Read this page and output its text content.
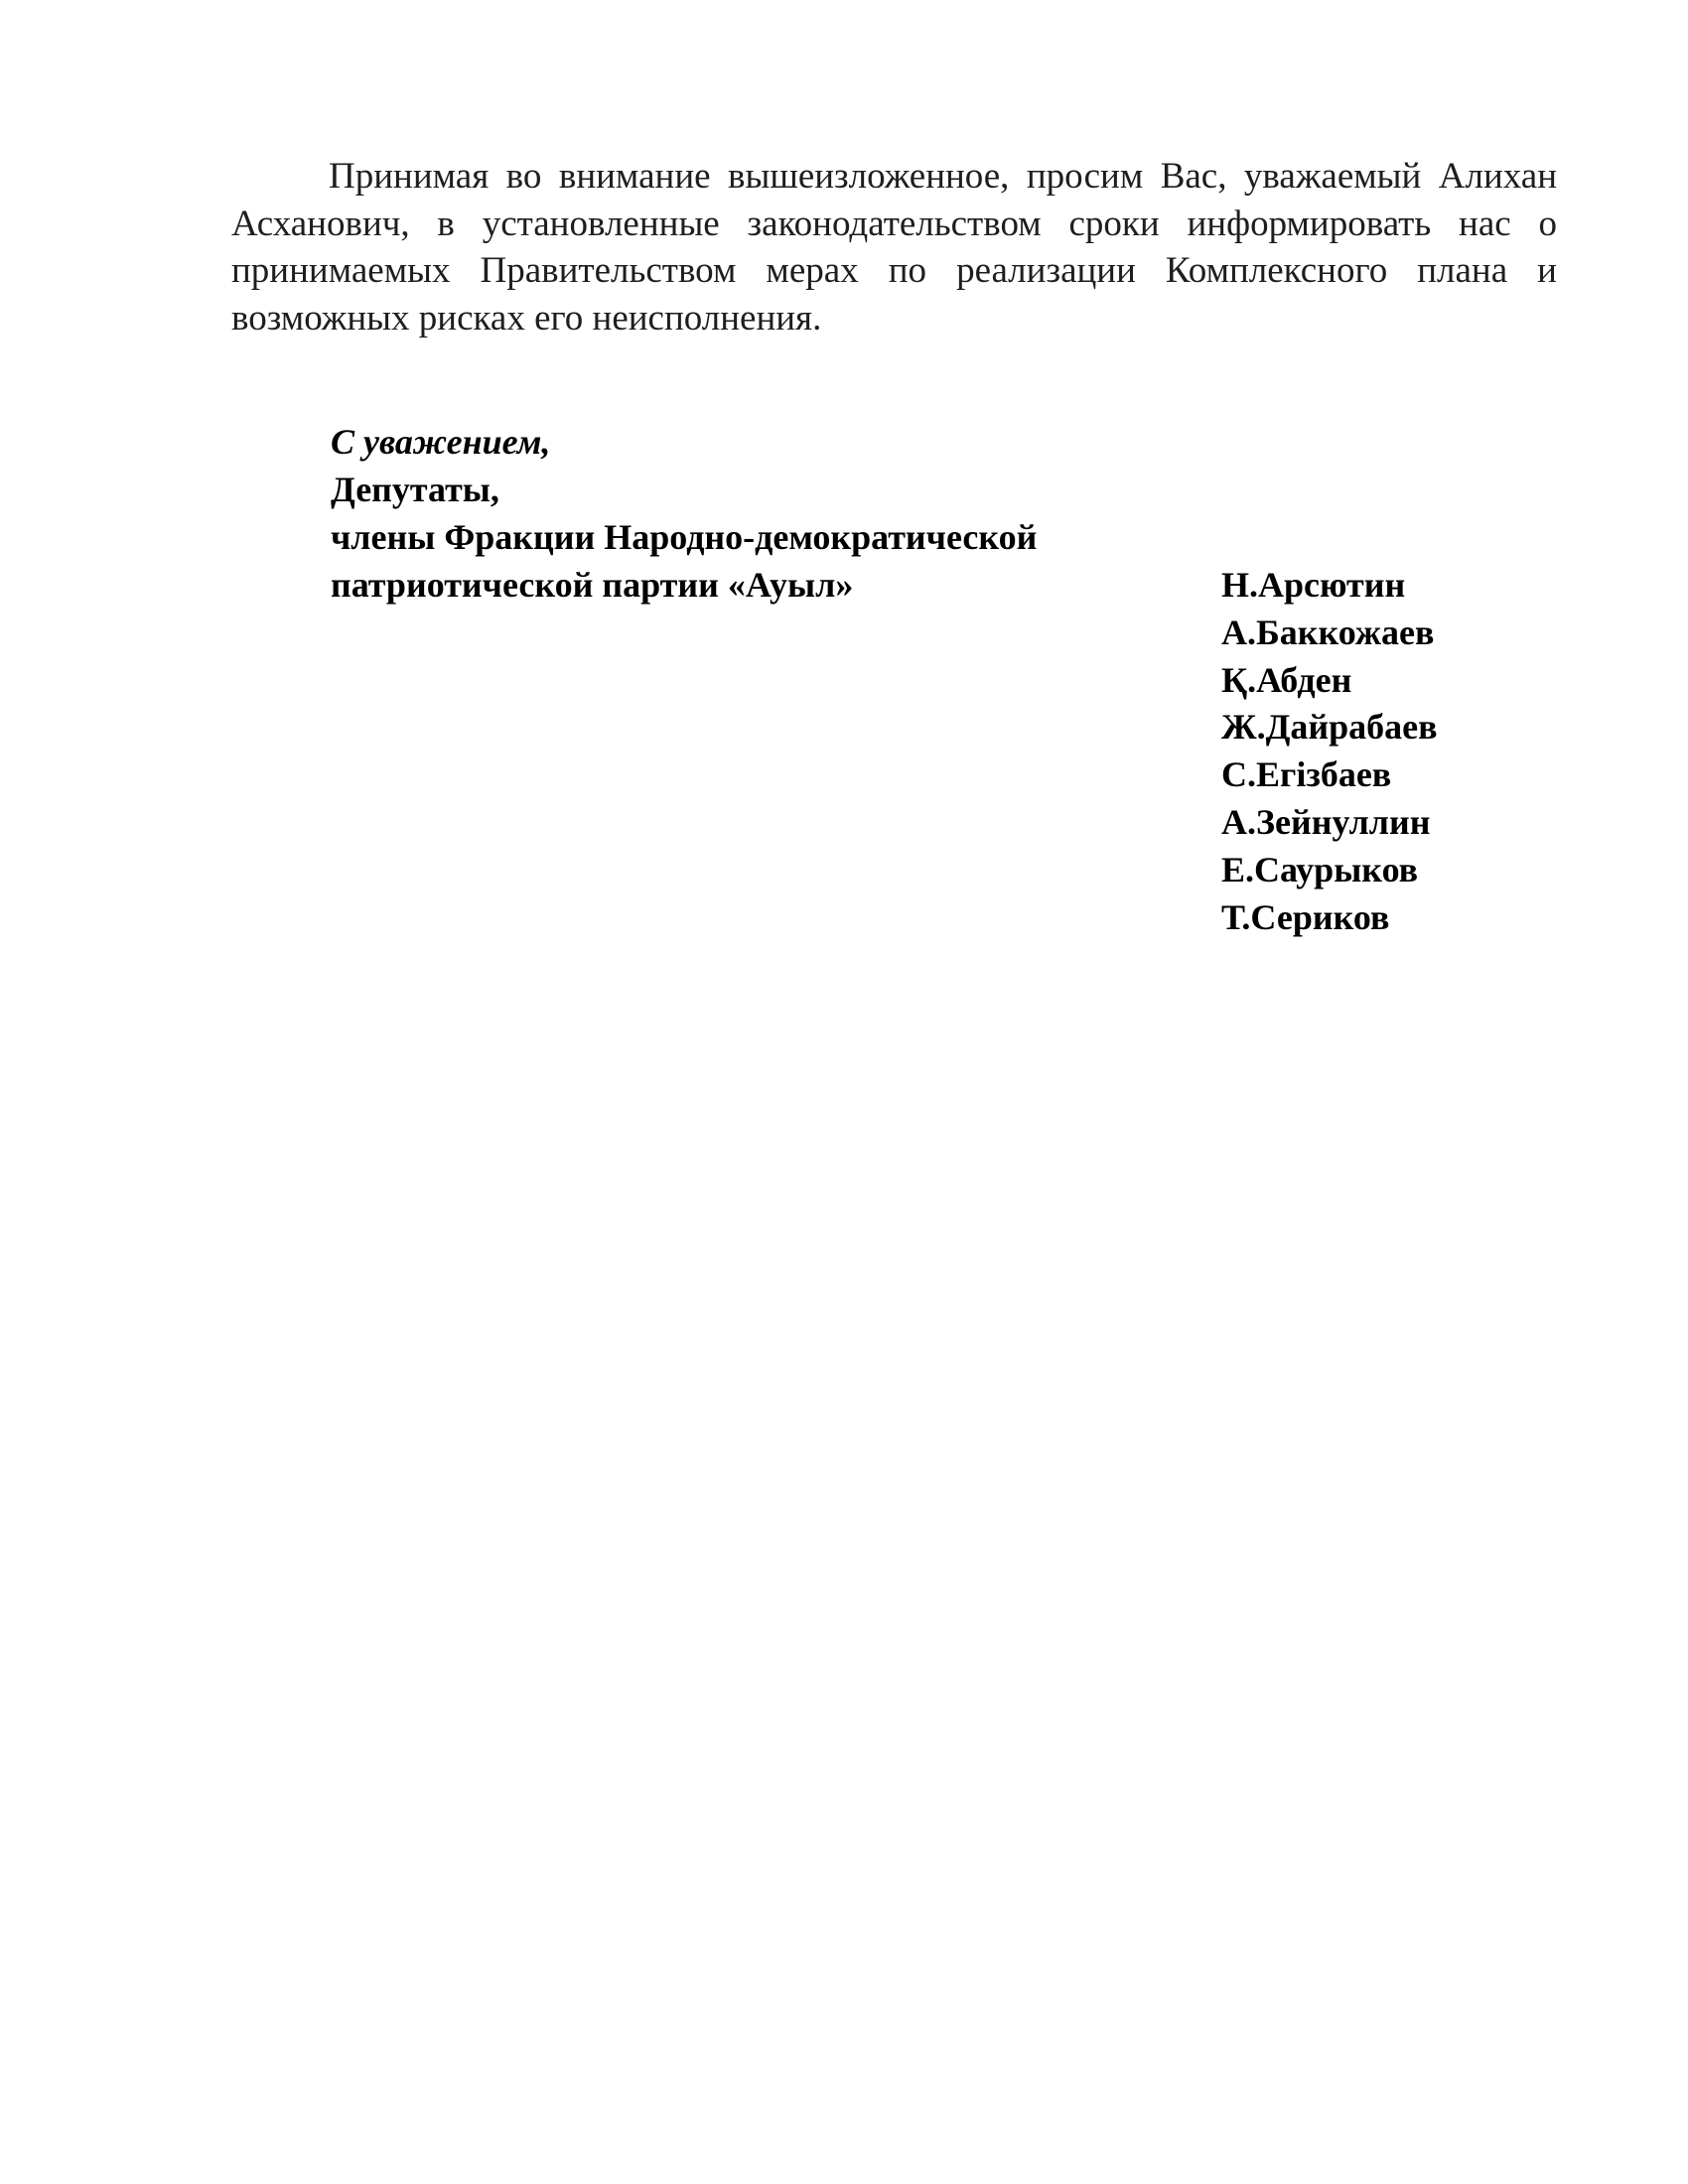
Принимая во внимание вышеизложенное, просим Вас, уважаемый Алихан Асханович, в установленные законодательством сроки информировать нас о принимаемых Правительством мерах по реализации Комплексного плана и возможных рисках его неисполнения.

С уважением,
Депутаты,
члены Фракции Народно-демократической
патриотической партии «Ауыл»	Н.Арсютин
А.Баккожаев
Қ.Абден
Ж.Дайрабаев
С.Егізбаев
А.Зейнуллин
Е.Саурыков
Т.Сериков
